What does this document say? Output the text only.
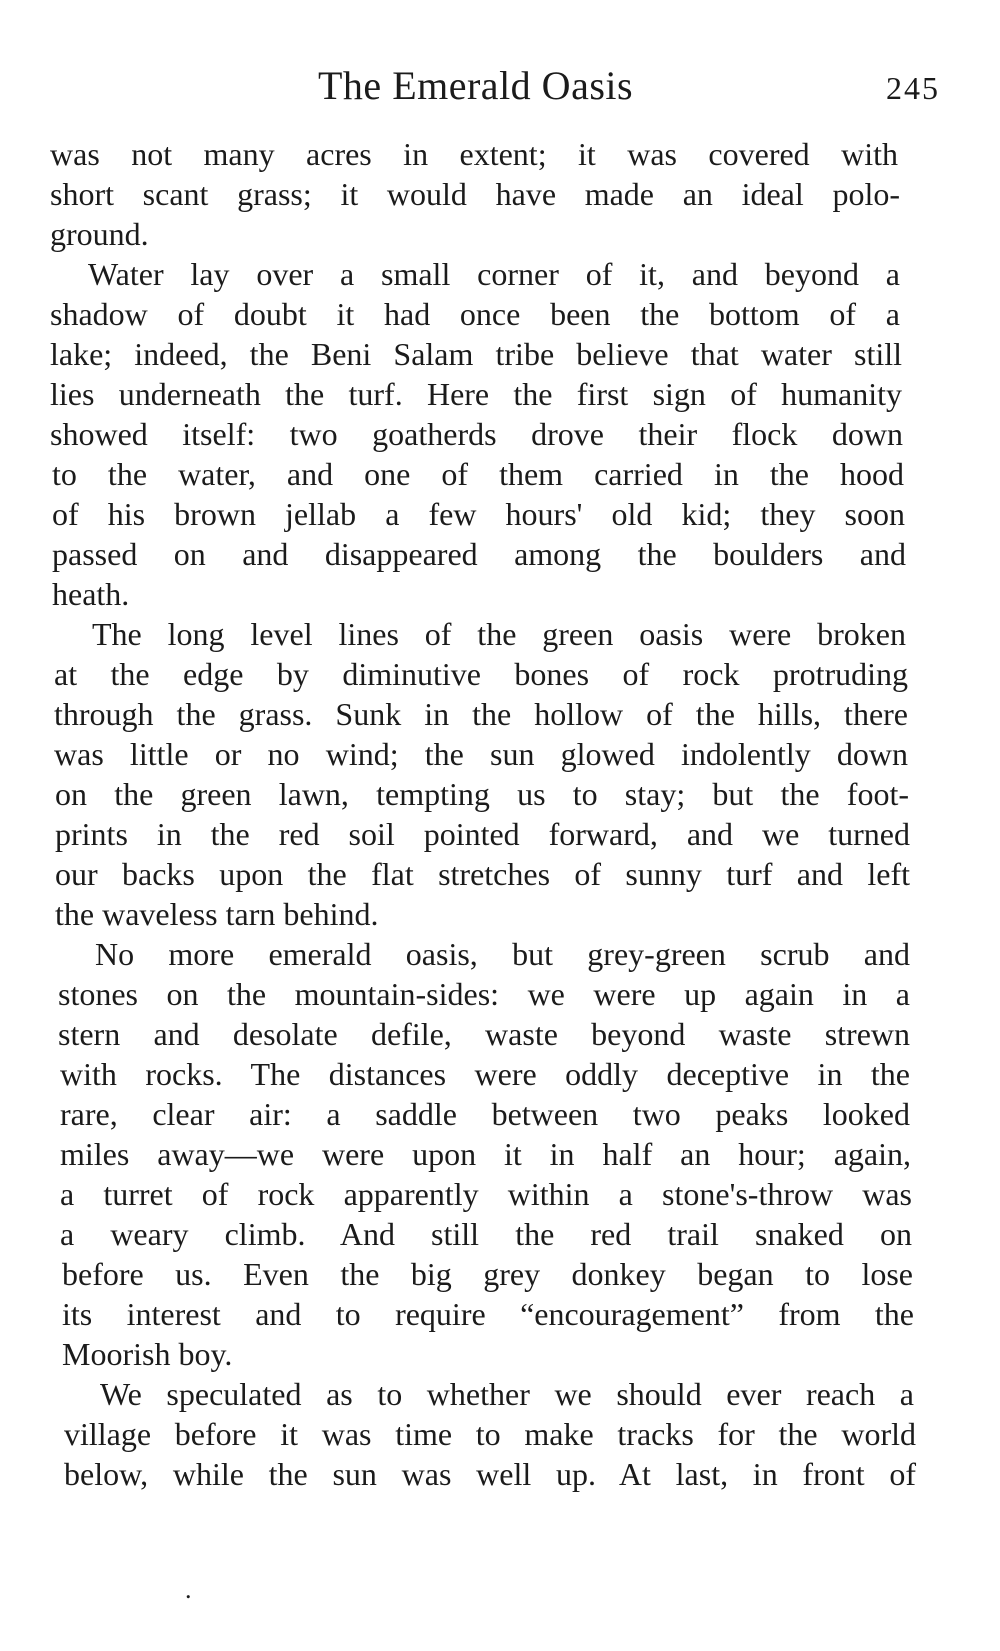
The Emerald Oasis	245
was not many acres in extent; it was covered with
short scant grass; it would have made an ideal polo-
ground.
Water lay over a small corner of it, and beyond a
shadow of doubt it had once been the bottom of a
lake; indeed, the Beni Salam tribe believe that water still
lies underneath the turf. Here the first sign of humanity
showed itself: two goatherds drove their flock down
to the water, and one of them carried in the hood
of his brown jellab a few hours' old kid; they soon
passed on and disappeared among the boulders and
heath.
The long level lines of the green oasis were broken
at the edge by diminutive bones of rock protruding
through the grass. Sunk in the hollow of the hills, there
was little or no wind; the sun glowed indolently down
on the green lawn, tempting us to stay; but the foot-
prints in the red soil pointed forward, and we turned
our backs upon the flat stretches of sunny turf and left
the waveless tarn behind.
No more emerald oasis, but grey-green scrub and
stones on the mountain-sides: we were up again in a
stern and desolate defile, waste beyond waste strewn
with rocks. The distances were oddly deceptive in the
rare, clear air: a saddle between two peaks looked
miles away—we were upon it in half an hour; again,
a turret of rock apparently within a stone's-throw was
a weary climb. And still the red trail snaked on
before us. Even the big grey donkey began to lose
its interest and to require “encouragement” from the
Moorish boy.
We speculated as to whether we should ever reach a
village before it was time to make tracks for the world
below, while the sun was well up. At last, in front of
.
